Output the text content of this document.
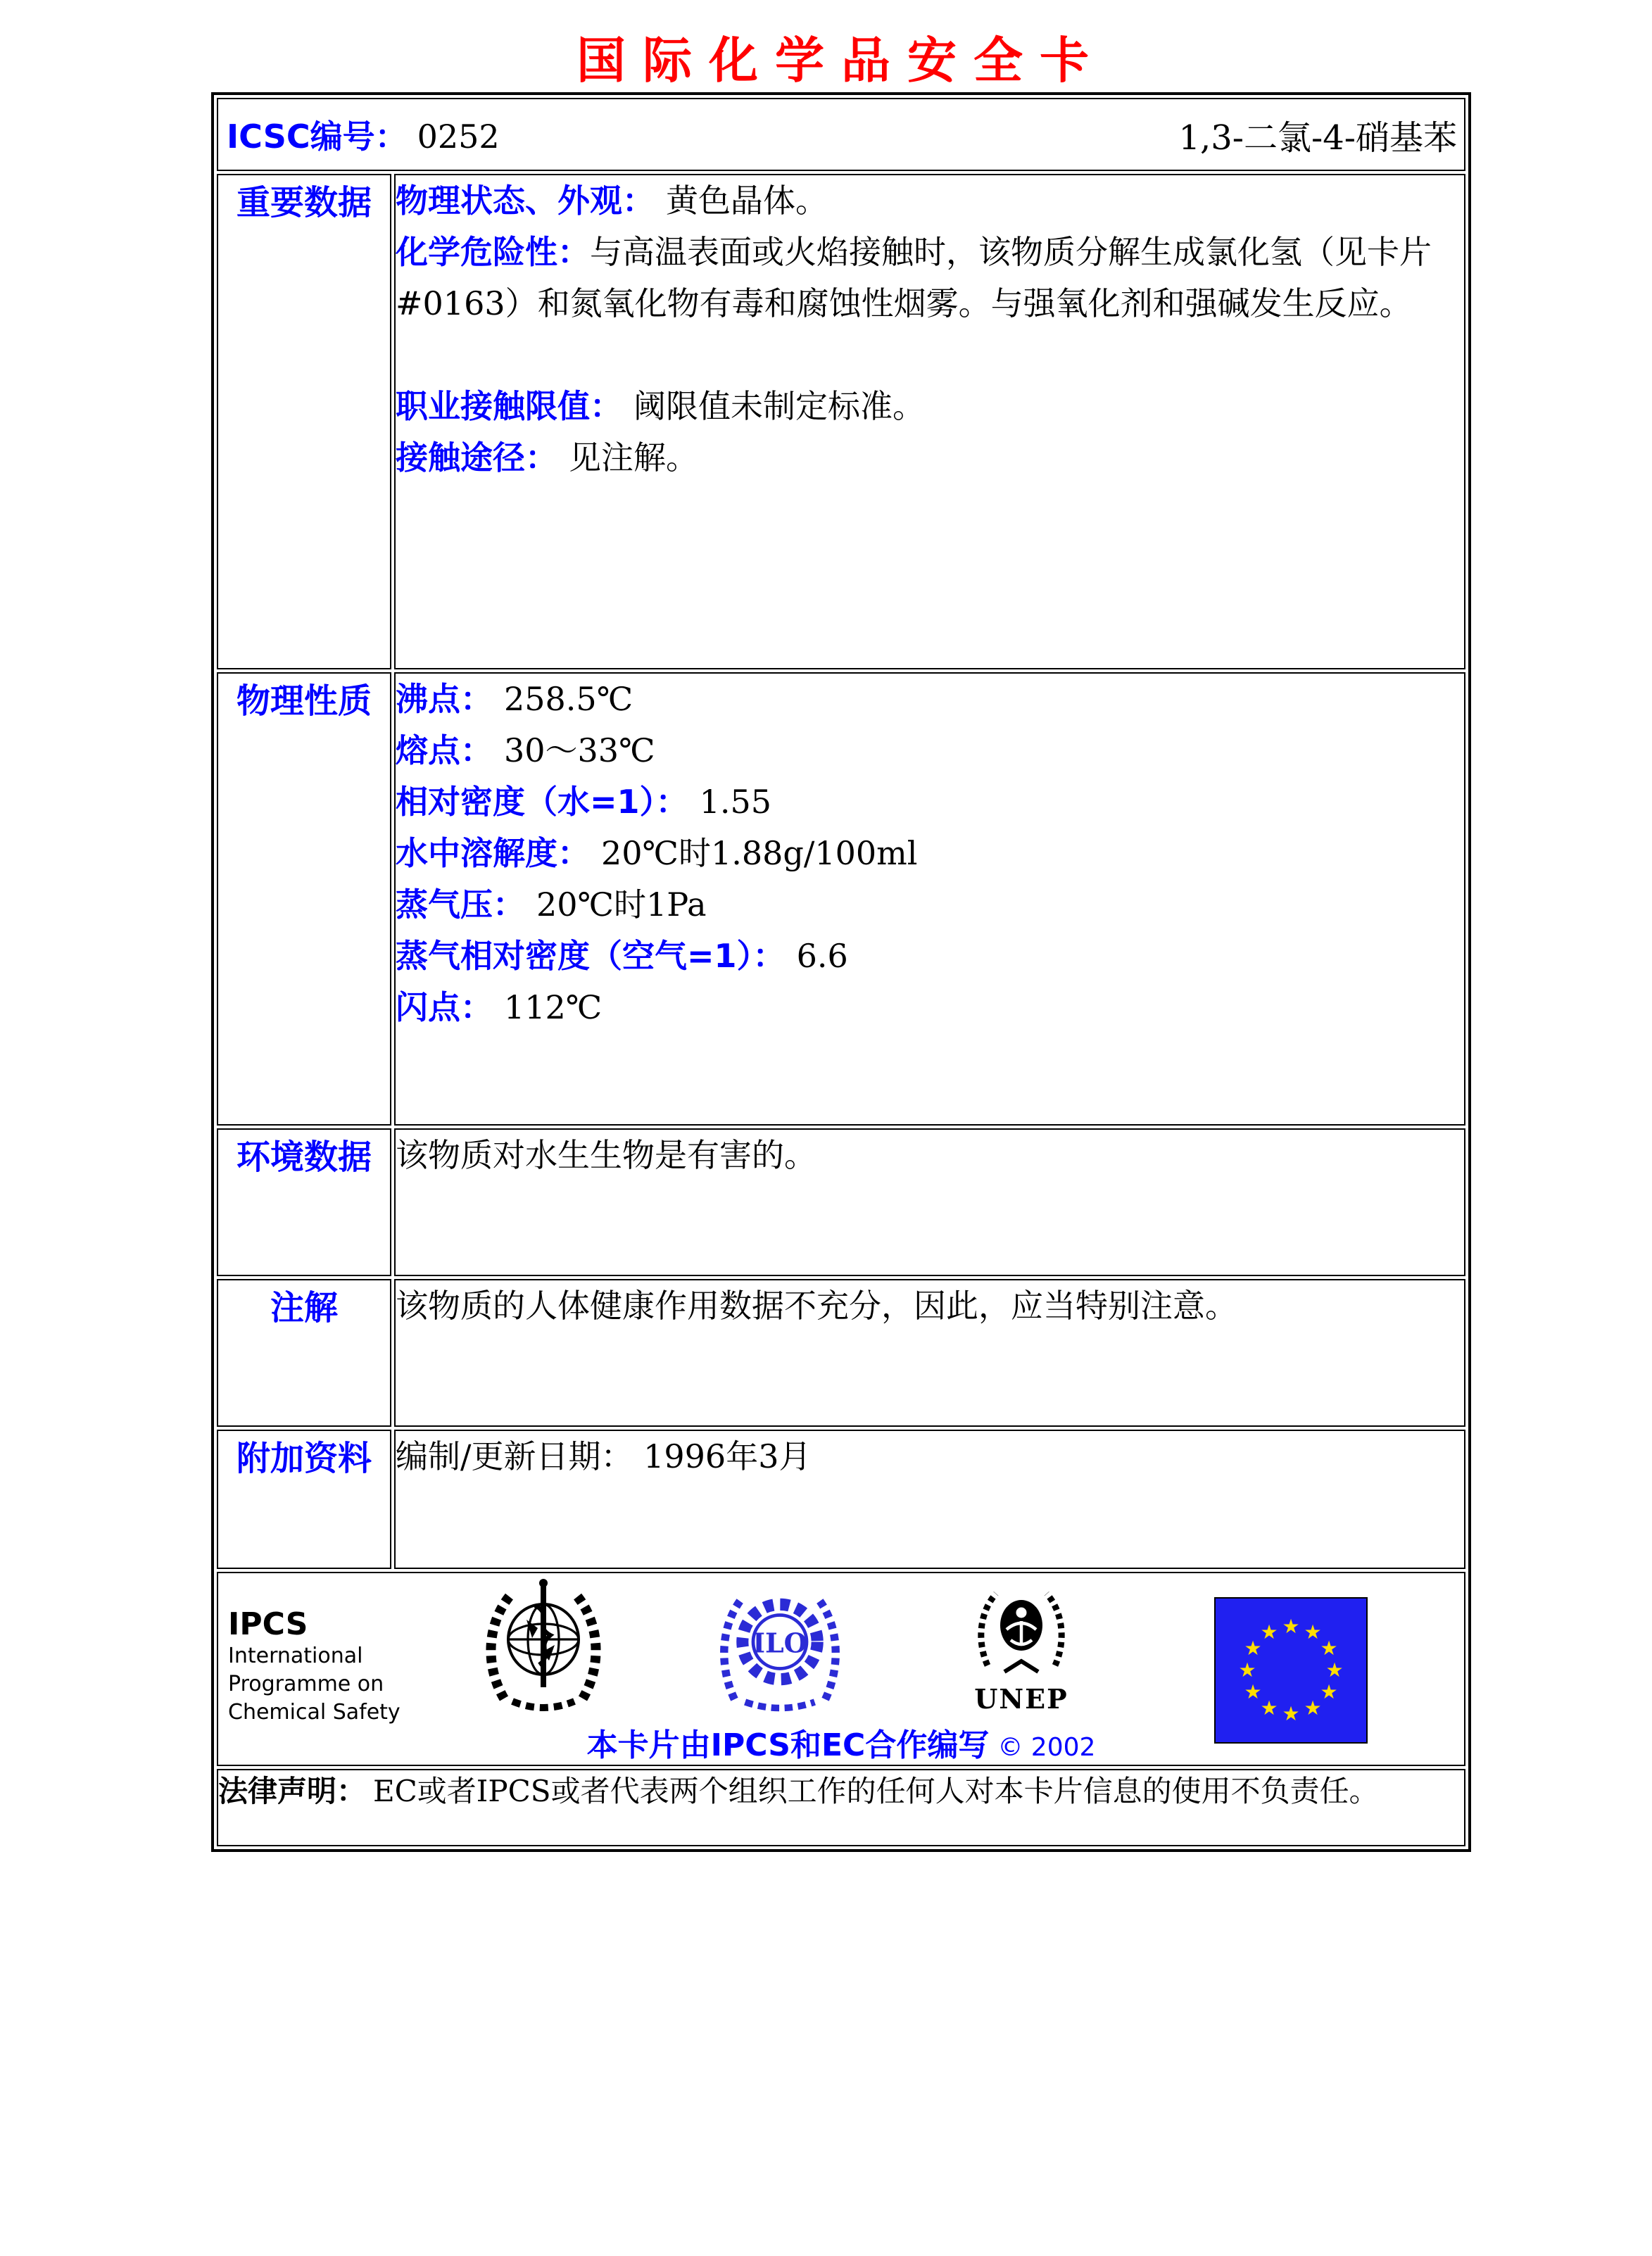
国际化学品安全卡
ICSC编号： 0252 1,3-二氯-4-硝基苯	

重要数据	物理状态、外观： 黄色晶体。
化学危险性：与高温表面或火焰接触时，该物质分解生成氯化氢（见卡片#0163）和氮氧化物有毒和腐蚀性烟雾。与强氧化剂和强碱发生反应。
职业接触限值： 阈限值未制定标准。
接触途径： 见注解。

物理性质	沸点： 258.5℃
熔点： 30～33℃
相对密度（水=1）： 1.55
水中溶解度： 20℃时1.88g/100ml
蒸气压： 20℃时1Pa
蒸气相对密度（空气=1）： 6.6
闪点： 112℃

环境数据	该物质对水生生物是有害的。

注解	该物质的人体健康作用数据不充分，因此，应当特别注意。

附加资料	编制/更新日期： 1996年3月

IPCS
International
Programme on
Chemical Safety
ILO
UNEP
★ ★
★
★
★
★
★
★
★
★
★
★
本卡片由IPCS和EC合作编写 © 2002

法律声明： EC或者IPCS或者代表两个组织工作的任何人对本卡片信息的使用不负责任。	
